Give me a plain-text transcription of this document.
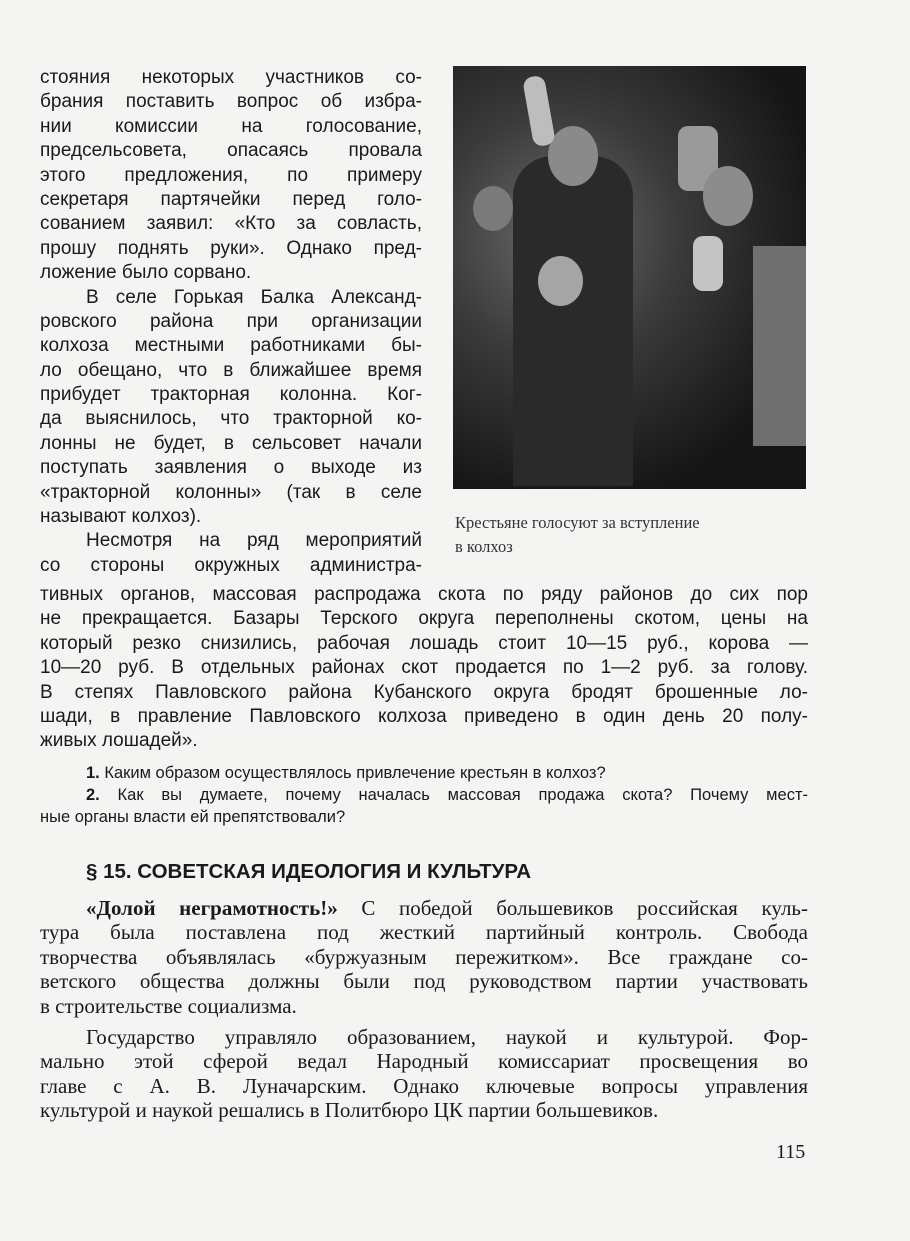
стояния некоторых участников со-
брания поставить вопрос об избра-
нии комиссии на голосование,
предсельсовета, опасаясь провала
этого предложения, по примеру
секретаря партячейки перед голо-
сованием заявил: «Кто за совласть,
прошу поднять руки». Однако пред-
ложение было сорвано.
В селе Горькая Балка Александ-
ровского района при организации
колхоза местными работниками бы-
ло обещано, что в ближайшее время
прибудет тракторная колонна. Ког-
да выяснилось, что тракторной ко-
лонны не будет, в сельсовет начали
поступать заявления о выходе из
«тракторной колонны» (так в селе
называют колхоз).
Несмотря на ряд мероприятий
со стороны окружных администра-
Крестьяне голосуют за вступление
в колхоз
тивных органов, массовая распродажа скота по ряду районов до сих пор
не прекращается. Базары Терского округа переполнены скотом, цены на
который резко снизились, рабочая лошадь стоит 10—15 руб., корова —
10—20 руб. В отдельных районах скот продается по 1—2 руб. за голову.
В степях Павловского района Кубанского округа бродят брошенные ло-
шади, в правление Павловского колхоза приведено в один день 20 полу-
живых лошадей».
1. Каким образом осуществлялось привлечение крестьян в колхоз?
2. Как вы думаете, почему началась массовая продажа скота? Почему мест-
ные органы власти ей препятствовали?
§ 15. СОВЕТСКАЯ ИДЕОЛОГИЯ И КУЛЬТУРА
«Долой неграмотность!» С победой большевиков российская куль-
тура была поставлена под жесткий партийный контроль. Свобода
творчества объявлялась «буржуазным пережитком». Все граждане со-
ветского общества должны были под руководством партии участвовать
в строительстве социализма.
Государство управляло образованием, наукой и культурой. Фор-
мально этой сферой ведал Народный комиссариат просвещения во
главе с А. В. Луначарским. Однако ключевые вопросы управления
культурой и наукой решались в Политбюро ЦК партии большевиков.
115
